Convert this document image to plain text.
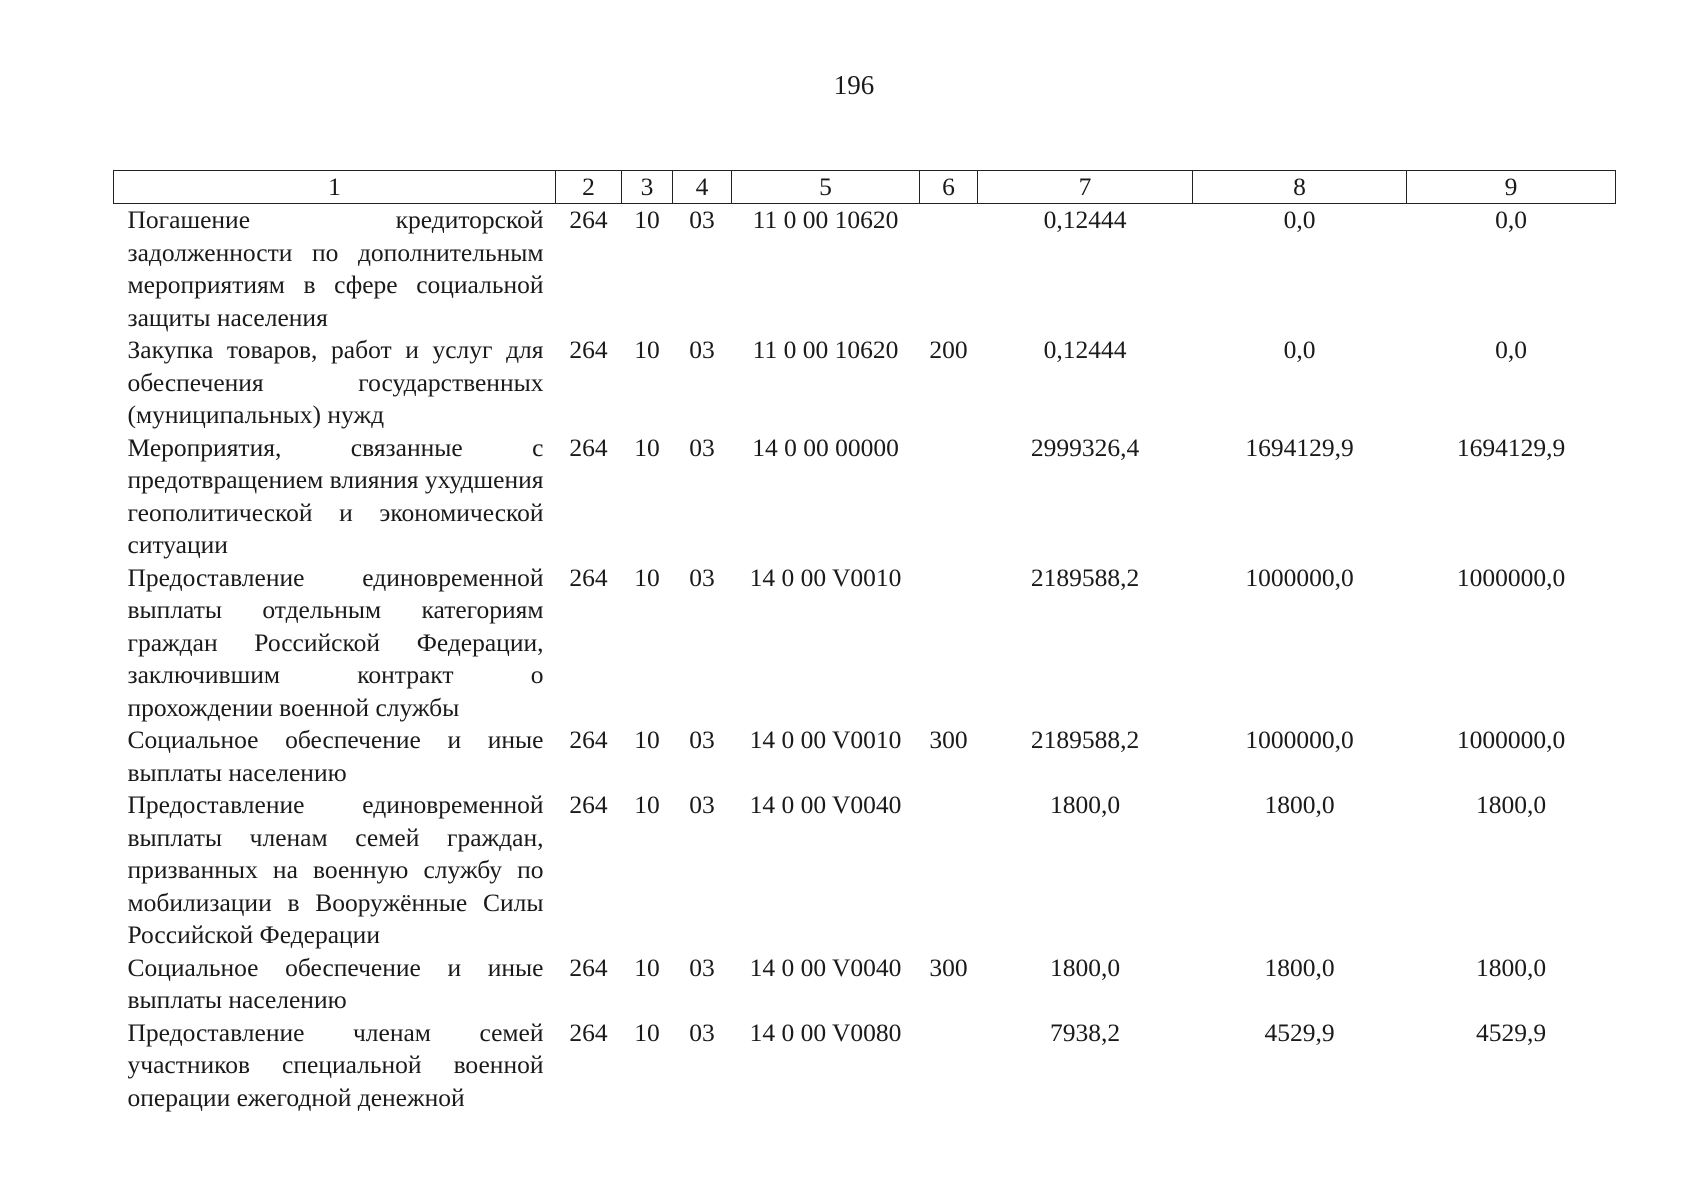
196
1	2	3	4	5	6	7	8	9
Погашение кредиторской задолженности по дополнительным мероприятиям в сфере социальной защиты населения	264	10	03	11 0 00 10620		0,12444	0,0	0,0
Закупка товаров, работ и услуг для обеспечения государственных (муниципальных) нужд	264	10	03	11 0 00 10620	200	0,12444	0,0	0,0
Мероприятия, связанные с предотвращением влияния ухудшения геополитической и экономической ситуации	264	10	03	14 0 00 00000		2999326,4	1694129,9	1694129,9
Предоставление единовременной выплаты отдельным категориям граждан Российской Федерации, заключившим контракт о прохождении военной службы	264	10	03	14 0 00 V0010		2189588,2	1000000,0	1000000,0
Социальное обеспечение и иные выплаты населению	264	10	03	14 0 00 V0010	300	2189588,2	1000000,0	1000000,0
Предоставление единовременной выплаты членам семей граждан, призванных на военную службу по мобилизации в Вооружённые Силы Российской Федерации	264	10	03	14 0 00 V0040		1800,0	1800,0	1800,0
Социальное обеспечение и иные выплаты населению	264	10	03	14 0 00 V0040	300	1800,0	1800,0	1800,0
Предоставление членам семей участников специальной военной операции ежегодной денежной	264	10	03	14 0 00 V0080		7938,2	4529,9	4529,9
